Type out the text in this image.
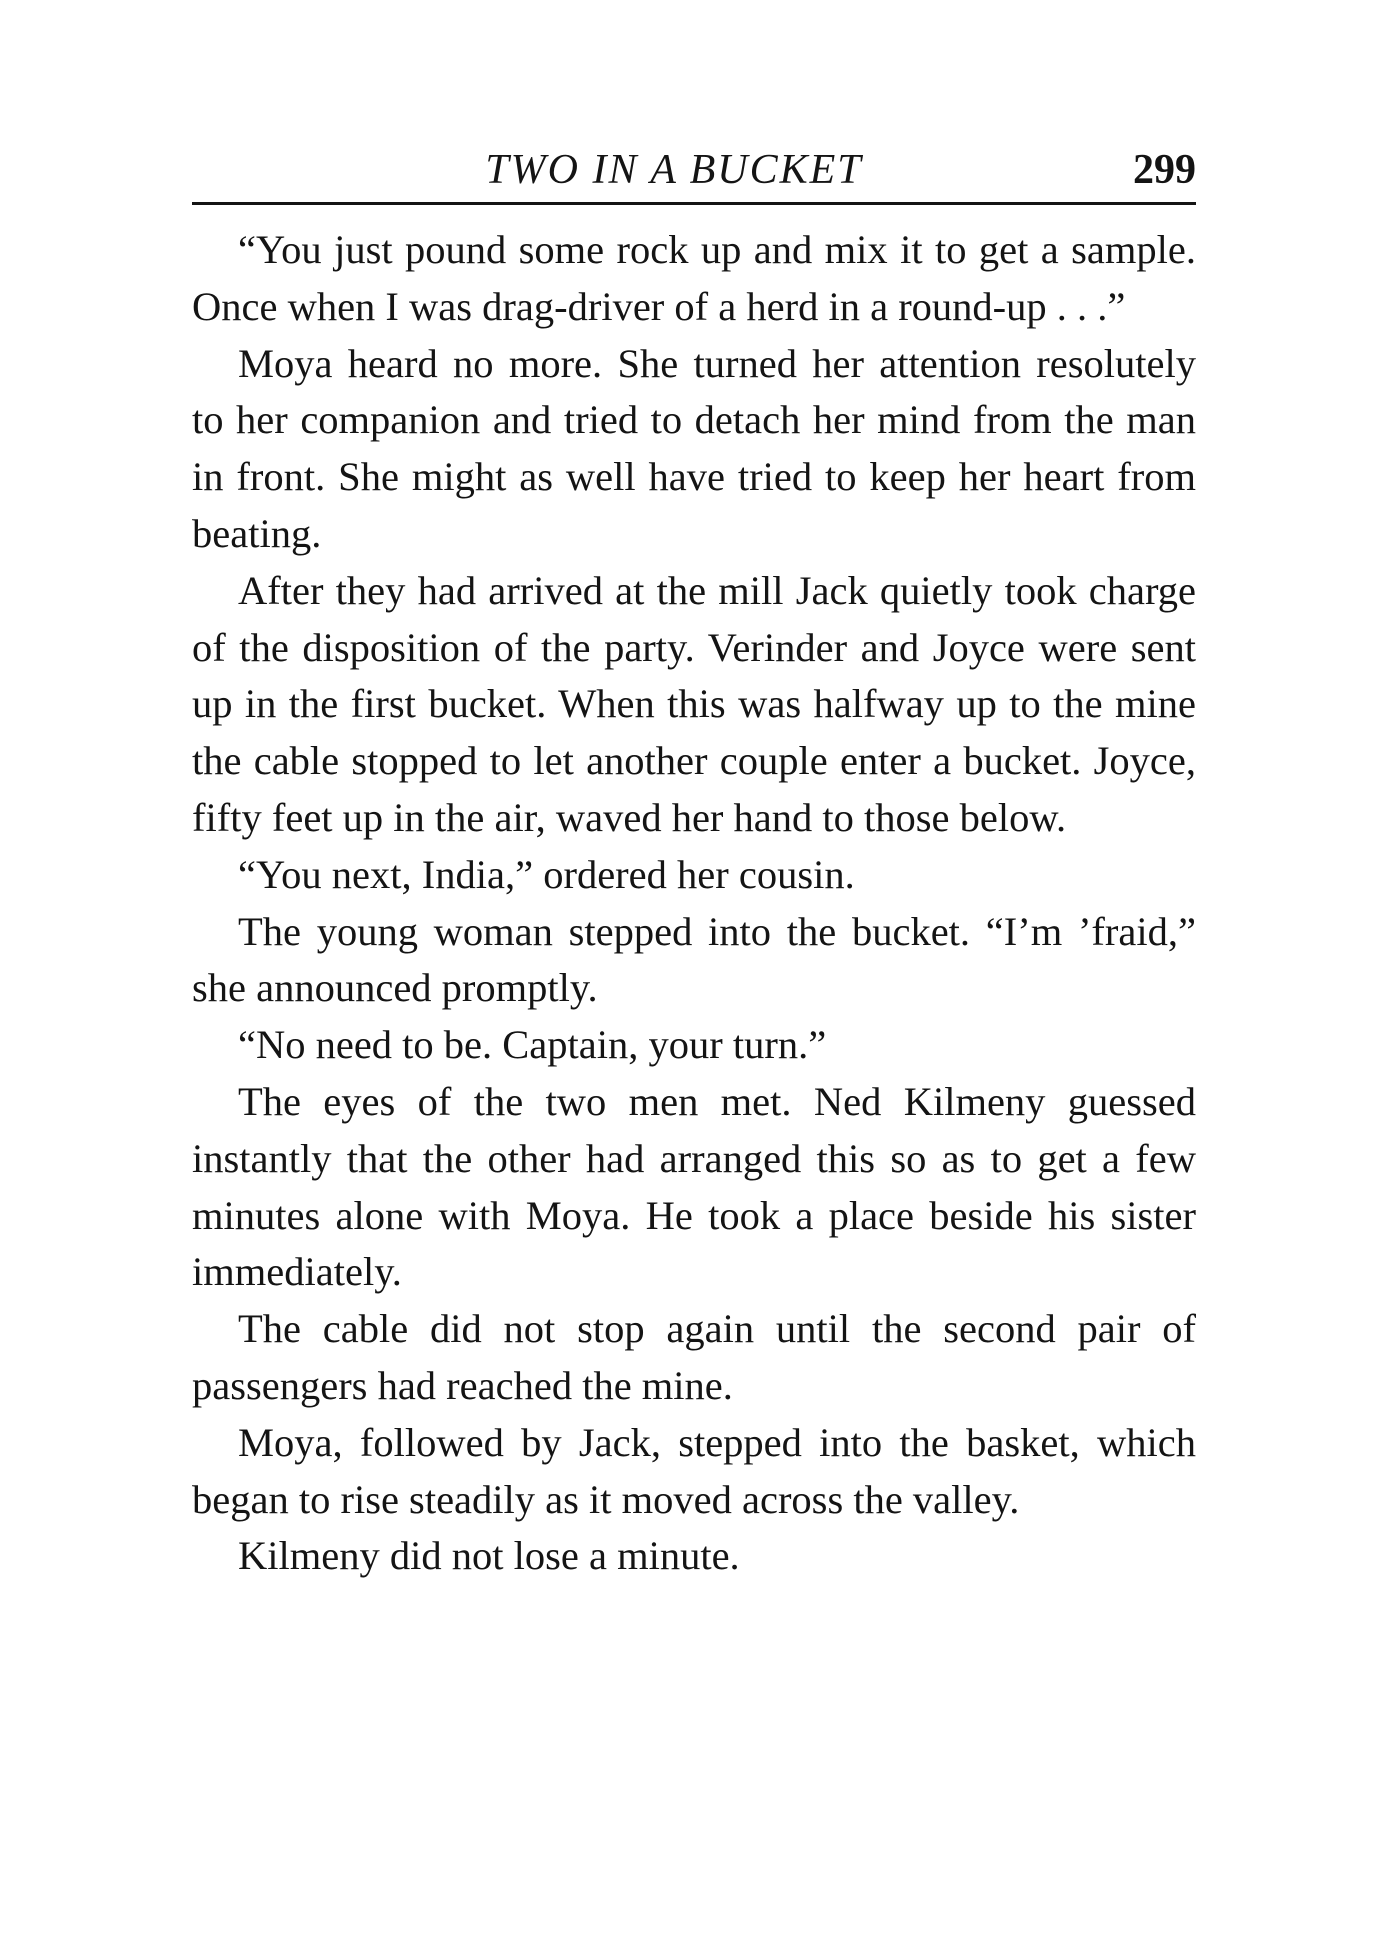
TWO IN A BUCKET	299

“You just pound some rock up and mix it to get a sample. Once when I was drag-driver of a herd in a round-up . . .”

Moya heard no more. She turned her attention resolutely to her companion and tried to detach her mind from the man in front. She might as well have tried to keep her heart from beating.

After they had arrived at the mill Jack quietly took charge of the disposition of the party. Verinder and Joyce were sent up in the first bucket. When this was halfway up to the mine the cable stopped to let another couple enter a bucket. Joyce, fifty feet up in the air, waved her hand to those below.

“You next, India,” ordered her cousin.

The young woman stepped into the bucket. “I’m ’fraid,” she announced promptly.

“No need to be. Captain, your turn.”

The eyes of the two men met. Ned Kilmeny guessed instantly that the other had arranged this so as to get a few minutes alone with Moya. He took a place beside his sister immediately.

The cable did not stop again until the second pair of passengers had reached the mine.

Moya, followed by Jack, stepped into the basket, which began to rise steadily as it moved across the valley.

Kilmeny did not lose a minute.
